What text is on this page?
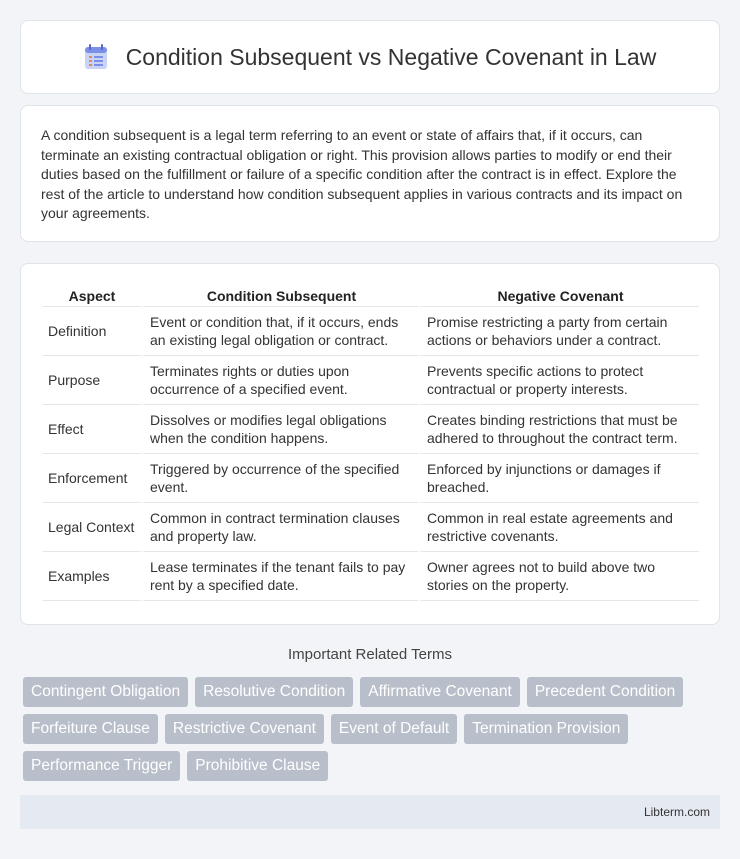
Condition Subsequent vs Negative Covenant in Law

A condition subsequent is a legal term referring to an event or state of affairs that, if it occurs, can terminate an existing contractual obligation or right. This provision allows parties to modify or end their duties based on the fulfillment or failure of a specific condition after the contract is in effect. Explore the rest of the article to understand how condition subsequent applies in various contracts and its impact on your agreements.

Aspect	Condition Subsequent	Negative Covenant
Definition	Event or condition that, if it occurs, ends an existing legal obligation or contract.	Promise restricting a party from certain actions or behaviors under a contract.
Purpose	Terminates rights or duties upon occurrence of a specified event.	Prevents specific actions to protect contractual or property interests.
Effect	Dissolves or modifies legal obligations when the condition happens.	Creates binding restrictions that must be adhered to throughout the contract term.
Enforcement	Triggered by occurrence of the specified event.	Enforced by injunctions or damages if breached.
Legal Context	Common in contract termination clauses and property law.	Common in real estate agreements and restrictive covenants.
Examples	Lease terminates if the tenant fails to pay rent by a specified date.	Owner agrees not to build above two stories on the property.
Important Related Terms
Contingent Obligation	Resolutive Condition	Affirmative Covenant	Precedent Condition
Forfeiture Clause	Restrictive Covenant	Event of Default	Termination Provision
Performance Trigger	Prohibitive Clause
Libterm.com
